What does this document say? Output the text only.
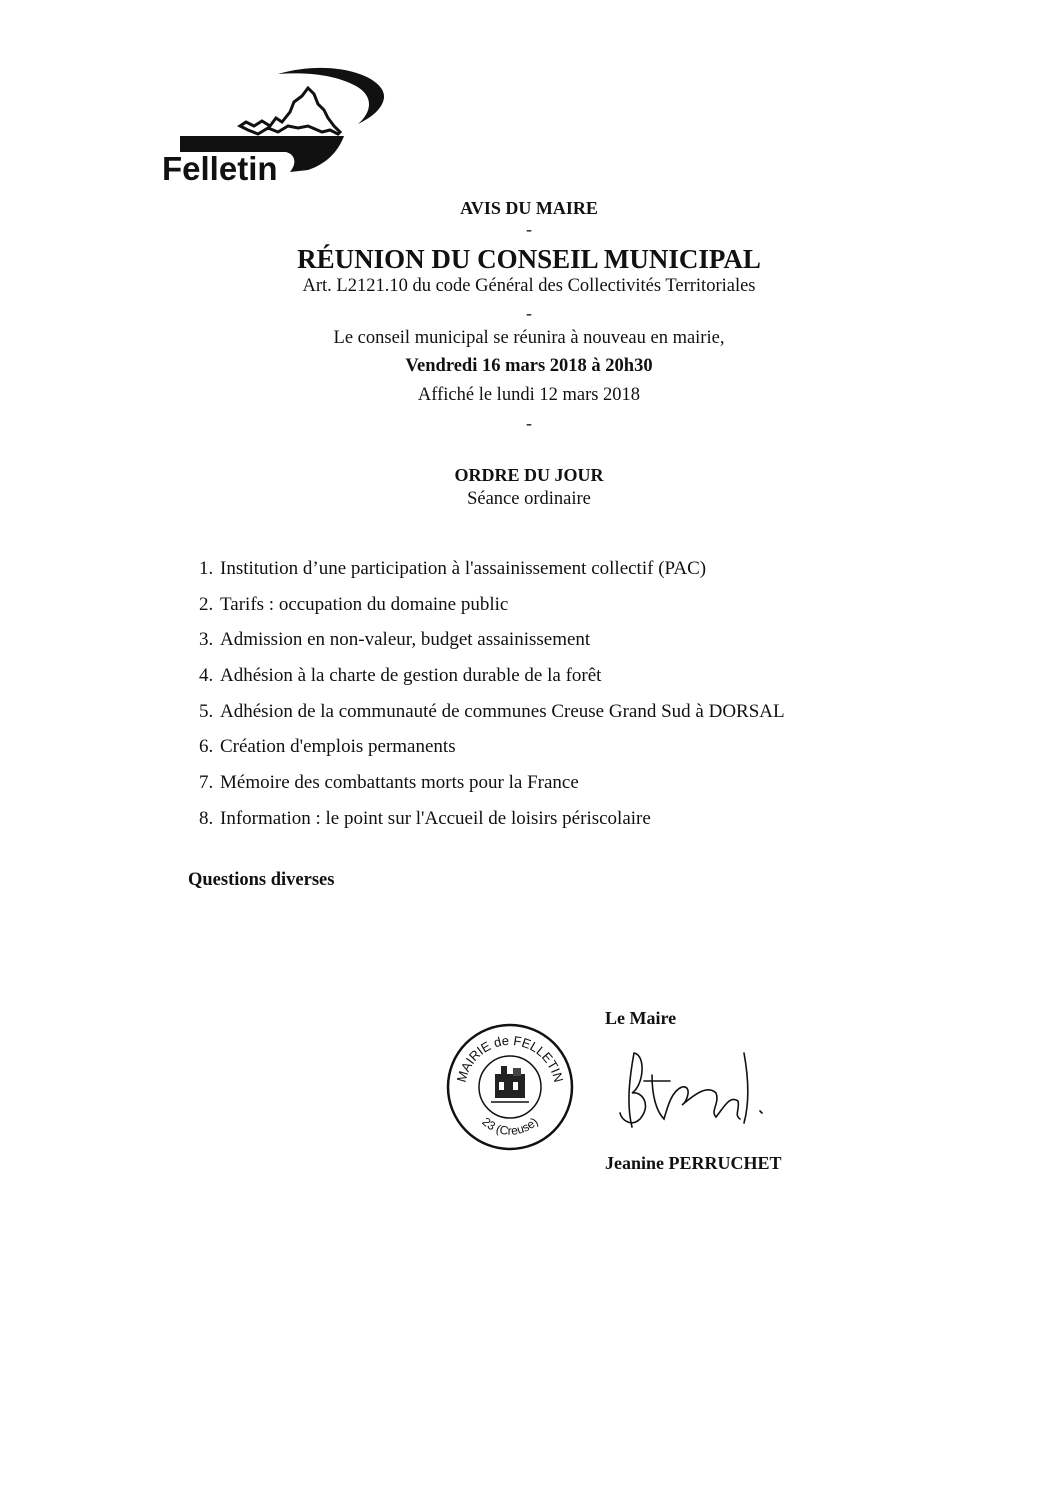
Felletin
AVIS DU MAIRE
-
RÉUNION DU CONSEIL MUNICIPAL
Art. L2121.10 du code Général des Collectivités Territoriales
-
Le conseil municipal se réunira à nouveau en mairie,
Vendredi 16 mars 2018 à 20h30
Affiché le lundi 12 mars 2018
-
ORDRE DU JOUR
Séance ordinaire
1. Institution d’une participation à l'assainissement collectif (PAC)
2. Tarifs : occupation du domaine public
3. Admission en non-valeur, budget assainissement
4. Adhésion à la charte de gestion durable de la forêt
5. Adhésion de la communauté de communes Creuse Grand Sud à DORSAL
6. Création d'emplois permanents
7. Mémoire des combattants morts pour la France
8. Information : le point sur l'Accueil de loisirs périscolaire
Questions diverses
MAIRIE de FELLETIN
23 (Creuse)
Le Maire
Jeanine PERRUCHET
